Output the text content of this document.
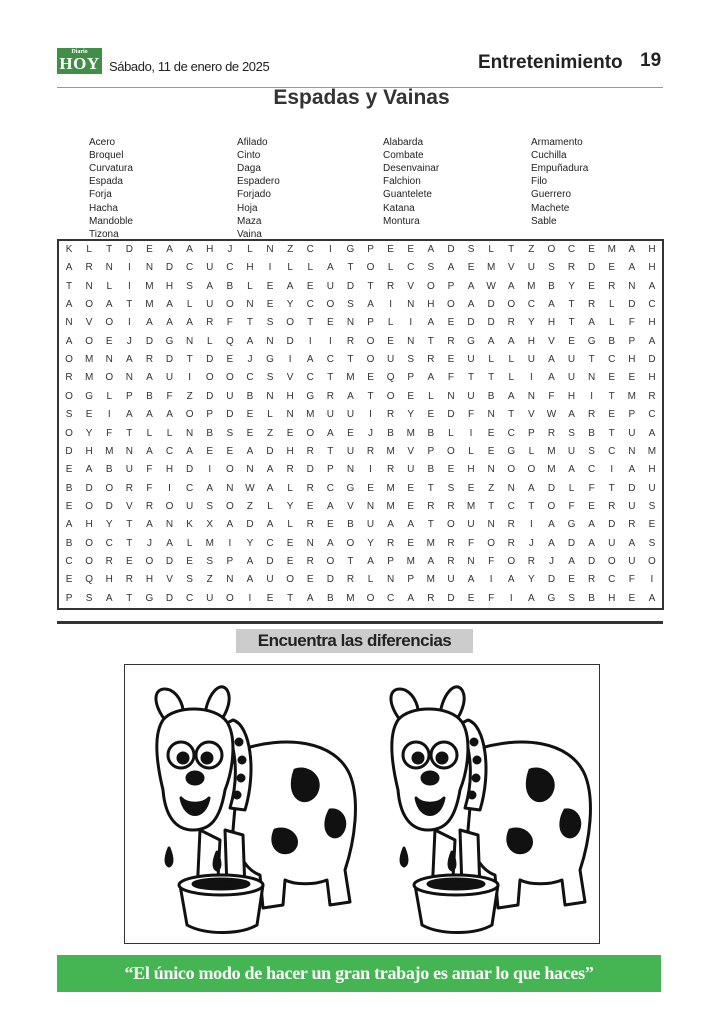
Diario
HOY Sábado, 11 de enero de 2025	Entretenimiento 19
Espadas y Vainas
Acero
Broquel
Curvatura
Espada
Forja
Hacha
Mandoble
Tizona
Afilado
Cinto
Daga
Espadero
Forjado
Hoja
Maza
Vaina
Alabarda
Combate
Desenvainar
Falchion
Guantelete
Katana
Montura
Armamento
Cuchilla
Empuñadura
Filo
Guerrero
Machete
Sable
K	L	T	D	E	A	A	H	J	L	N	Z	C	I	G	P	E	E	A	D	S	L	T	Z	O	C	E	M	A	H
A	R	N	I	N	D	C	U	C	H	I	L	L	A	T	O	L	C	S	A	E	M	V	U	S	R	D	E	A	H
T	N	L	I	M	H	S	A	B	L	E	A	E	U	D	T	R	V	O	P	A	W	A	M	B	Y	E	R	N	A
A	O	A	T	M	A	L	U	O	N	E	Y	C	O	S	A	I	N	H	O	A	D	O	C	A	T	R	L	D	C
N	V	O	I	A	A	A	R	F	T	S	O	T	E	N	P	L	I	A	E	D	D	R	Y	H	T	A	L	F	H
A	O	E	J	D	G	N	L	Q	A	N	D	I	I	R	O	E	N	T	R	G	A	A	H	V	E	G	B	P	A
O	M	N	A	R	D	T	D	E	J	G	I	A	C	T	O	U	S	R	E	U	L	L	U	A	U	T	C	H	D
R	M	O	N	A	U	I	O	O	C	S	V	C	T	M	E	Q	P	A	F	T	T	L	I	A	U	N	E	E	H
O	G	L	P	B	F	Z	D	U	B	N	H	G	R	A	T	O	E	L	N	U	B	A	N	F	H	I	T	M	R
S	E	I	A	A	A	O	P	D	E	L	N	M	U	U	I	R	Y	E	D	F	N	T	V	W	A	R	E	P	C
O	Y	F	T	L	L	N	B	S	E	Z	E	O	A	E	J	B	M	B	L	I	E	C	P	R	S	B	T	U	A
D	H	M	N	A	C	A	E	E	A	D	H	R	T	U	R	M	V	P	O	L	E	G	L	M	U	S	C	N	M
E	A	B	U	F	H	D	I	O	N	A	R	D	P	N	I	R	U	B	E	H	N	O	O	M	A	C	I	A	H
B	D	O	R	F	I	C	A	N	W	A	L	R	C	G	E	M	E	T	S	E	Z	N	A	D	L	F	T	D	U
E	O	D	V	R	O	U	S	O	Z	L	Y	E	A	V	N	M	E	R	R	M	T	C	T	O	F	E	R	U	S
A	H	Y	T	A	N	K	X	A	D	A	L	R	E	B	U	A	A	T	O	U	N	R	I	A	G	A	D	R	E
B	O	C	T	J	A	L	M	I	Y	C	E	N	A	O	Y	R	E	M	R	F	O	R	J	A	D	A	U	A	S
C	O	R	E	O	D	E	S	P	A	D	E	R	O	T	A	P	M	A	R	N	F	O	R	J	A	D	O	U	O
E	Q	H	R	H	V	S	Z	N	A	U	O	E	D	R	L	N	P	M	U	A	I	A	Y	D	E	R	C	F	I
P	S	A	T	G	D	C	U	O	I	E	T	A	B	M	O	C	A	R	D	E	F	I	A	G	S	B	H	E	A
Encuentra las diferencias
“El único modo de hacer un gran trabajo es amar lo que haces”
